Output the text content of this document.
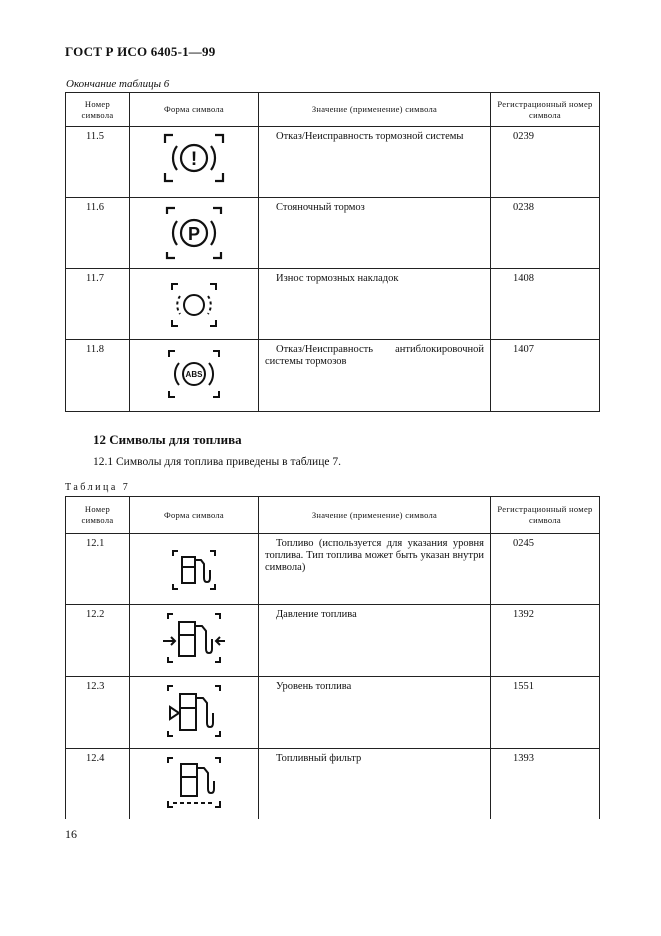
ГОСТ Р ИСО 6405-1—99
Окончание таблицы 6
Номер символа	Форма символа	Значение (применение) символа	Регистрационный номер символа
11.5	!	Отказ/Неисправность тормозной системы	0239
11.6	P	Стояночный тормоз	0238
11.7		Износ тормозных накладок	1408
11.8	ABS	Отказ/Неисправность антиблокировочной системы тормозов	1407
12 Символы для топлива
12.1 Символы для топлива приведены в таблице 7.
Таблица 7
Номер символа	Форма символа	Значение (применение) символа	Регистрационный номер символа
12.1		Топливо (используется для указания уровня топлива. Тип топлива может быть указан внутри символа)	0245
12.2		Давление топлива	1392
12.3		Уровень топлива	1551
12.4		Топливный фильтр	1393
16
